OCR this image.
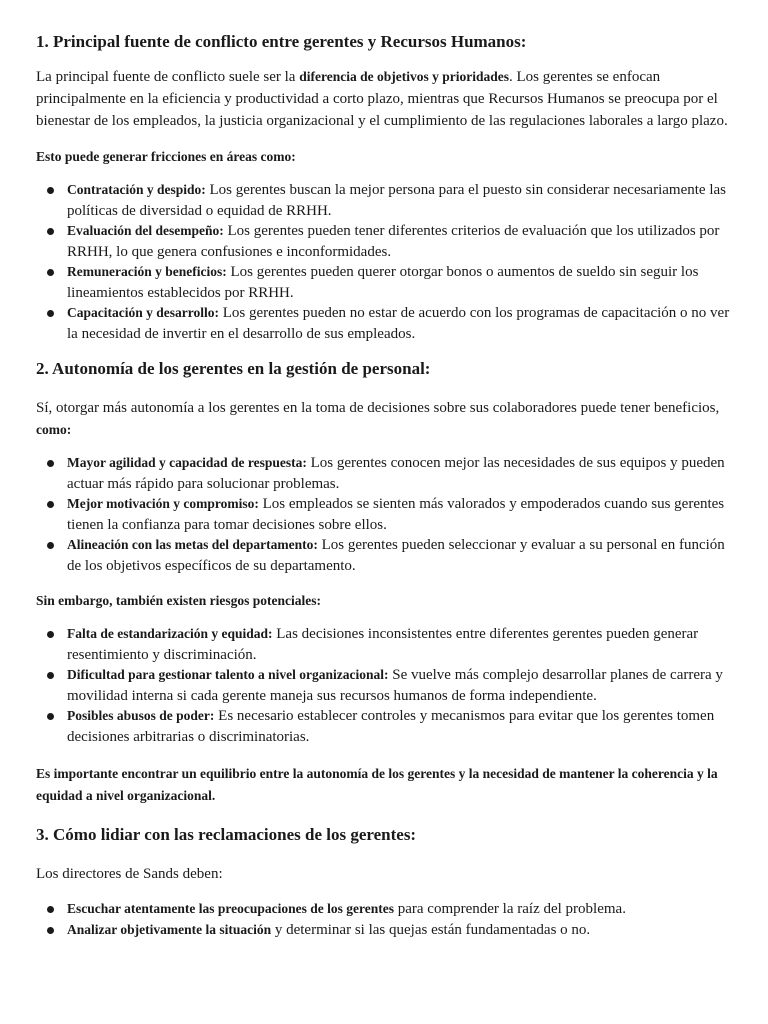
1. Principal fuente de conflicto entre gerentes y Recursos Humanos:

La principal fuente de conflicto suele ser la diferencia de objetivos y prioridades. Los gerentes se enfocan principalmente en la eficiencia y productividad a corto plazo, mientras que Recursos Humanos se preocupa por el bienestar de los empleados, la justicia organizacional y el cumplimiento de las regulaciones laborales a largo plazo.

Esto puede generar fricciones en áreas como:

Contratación y despido: Los gerentes buscan la mejor persona para el puesto sin considerar necesariamente las políticas de diversidad o equidad de RRHH.
Evaluación del desempeño: Los gerentes pueden tener diferentes criterios de evaluación que los utilizados por RRHH, lo que genera confusiones e inconformidades.
Remuneración y beneficios: Los gerentes pueden querer otorgar bonos o aumentos de sueldo sin seguir los lineamientos establecidos por RRHH.
Capacitación y desarrollo: Los gerentes pueden no estar de acuerdo con los programas de capacitación o no ver la necesidad de invertir en el desarrollo de sus empleados.
2. Autonomía de los gerentes en la gestión de personal:

Sí, otorgar más autonomía a los gerentes en la toma de decisiones sobre sus colaboradores puede tener beneficios, como:

Mayor agilidad y capacidad de respuesta: Los gerentes conocen mejor las necesidades de sus equipos y pueden actuar más rápido para solucionar problemas.
Mejor motivación y compromiso: Los empleados se sienten más valorados y empoderados cuando sus gerentes tienen la confianza para tomar decisiones sobre ellos.
Alineación con las metas del departamento: Los gerentes pueden seleccionar y evaluar a su personal en función de los objetivos específicos de su departamento.

Sin embargo, también existen riesgos potenciales:

Falta de estandarización y equidad: Las decisiones inconsistentes entre diferentes gerentes pueden generar resentimiento y discriminación.
Dificultad para gestionar talento a nivel organizacional: Se vuelve más complejo desarrollar planes de carrera y movilidad interna si cada gerente maneja sus recursos humanos de forma independiente.
Posibles abusos de poder: Es necesario establecer controles y mecanismos para evitar que los gerentes tomen decisiones arbitrarias o discriminatorias.

Es importante encontrar un equilibrio entre la autonomía de los gerentes y la necesidad de mantener la coherencia y la equidad a nivel organizacional.

3. Cómo lidiar con las reclamaciones de los gerentes:

Los directores de Sands deben:

Escuchar atentamente las preocupaciones de los gerentes para comprender la raíz del problema.
Analizar objetivamente la situación y determinar si las quejas están fundamentadas o no.
